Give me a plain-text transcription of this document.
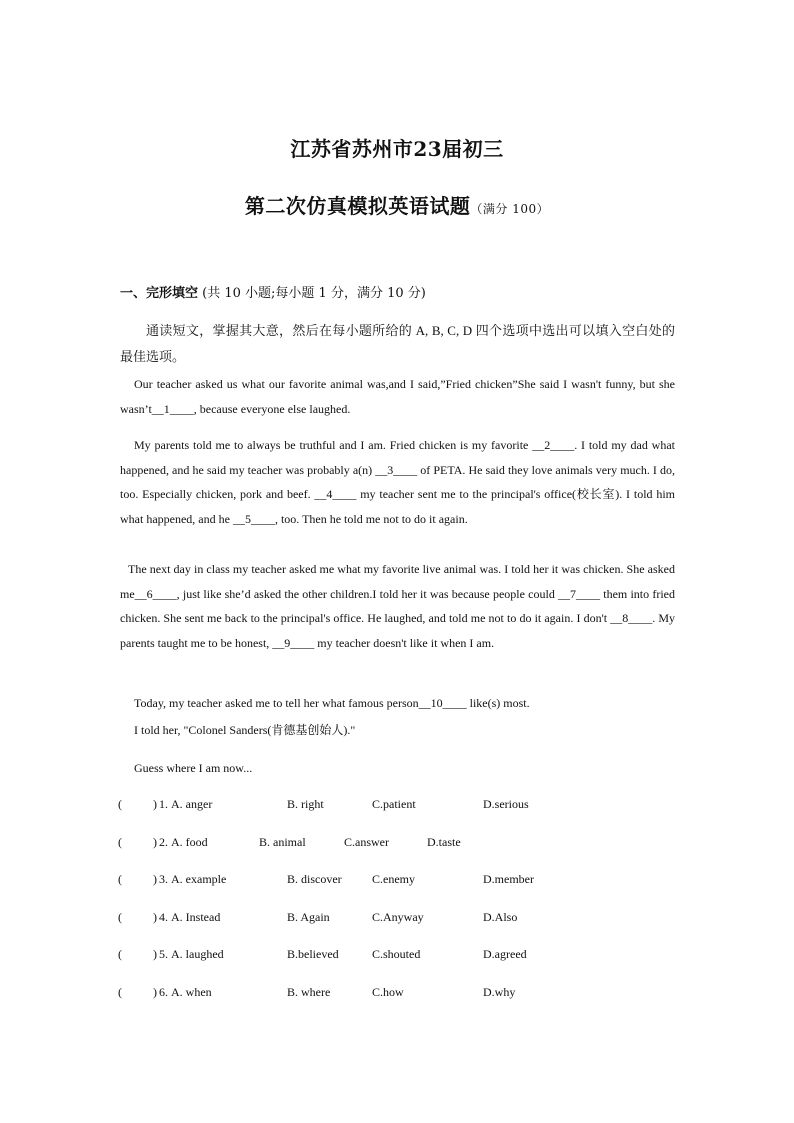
江苏省苏州市23届初三
第二次仿真模拟英语试题（满分 100）
一、完形填空 (共 10 小题;每小题 1 分，满分 10 分)
通读短文，掌握其大意，然后在每小题所给的 A, B, C, D 四个选项中选出可以填入空白处的最佳选项。
Our teacher asked us what our favorite animal was,and I said,”Fried chicken”She said I wasn't funny, but she wasn’t__1____, because everyone else laughed.
My parents told me to always be truthful and I am. Fried chicken is my favorite __2____. I told my dad what happened, and he said my teacher was probably a(n) __3____ of PETA. He said they love animals very much. I do, too. Especially chicken, pork and beef. __4____ my teacher sent me to the principal's office(校长室). I told him what happened, and he __5____, too. Then he told me not to do it again.
The next day in class my teacher asked me what my favorite live animal was. I told her it was chicken. She asked me__6____, just like she’d asked the other children.I told her it was because people could __7____ them into fried chicken. She sent me back to the principal's office. He laughed, and told me not to do it again. I don't __8____. My parents taught me to be honest, __9____ my teacher doesn't like it when I am.
Today, my teacher asked me to tell her what famous person__10____ like(s) most.
I told her, "Colonel Sanders(肯德基创始人)."
Guess where I am now...
(	) 1. A. anger	B. right	C.patient	D.serious
(	) 2. A. food	B. animal	C.answer	D.taste
(	) 3. A. example	B. discover	C.enemy	D.member
(	) 4. A. Instead	B. Again	C.Anyway	D.Also
(	) 5. A. laughed	B.believed	C.shouted	D.agreed
(	) 6. A. when	B. where	C.how	D.why
